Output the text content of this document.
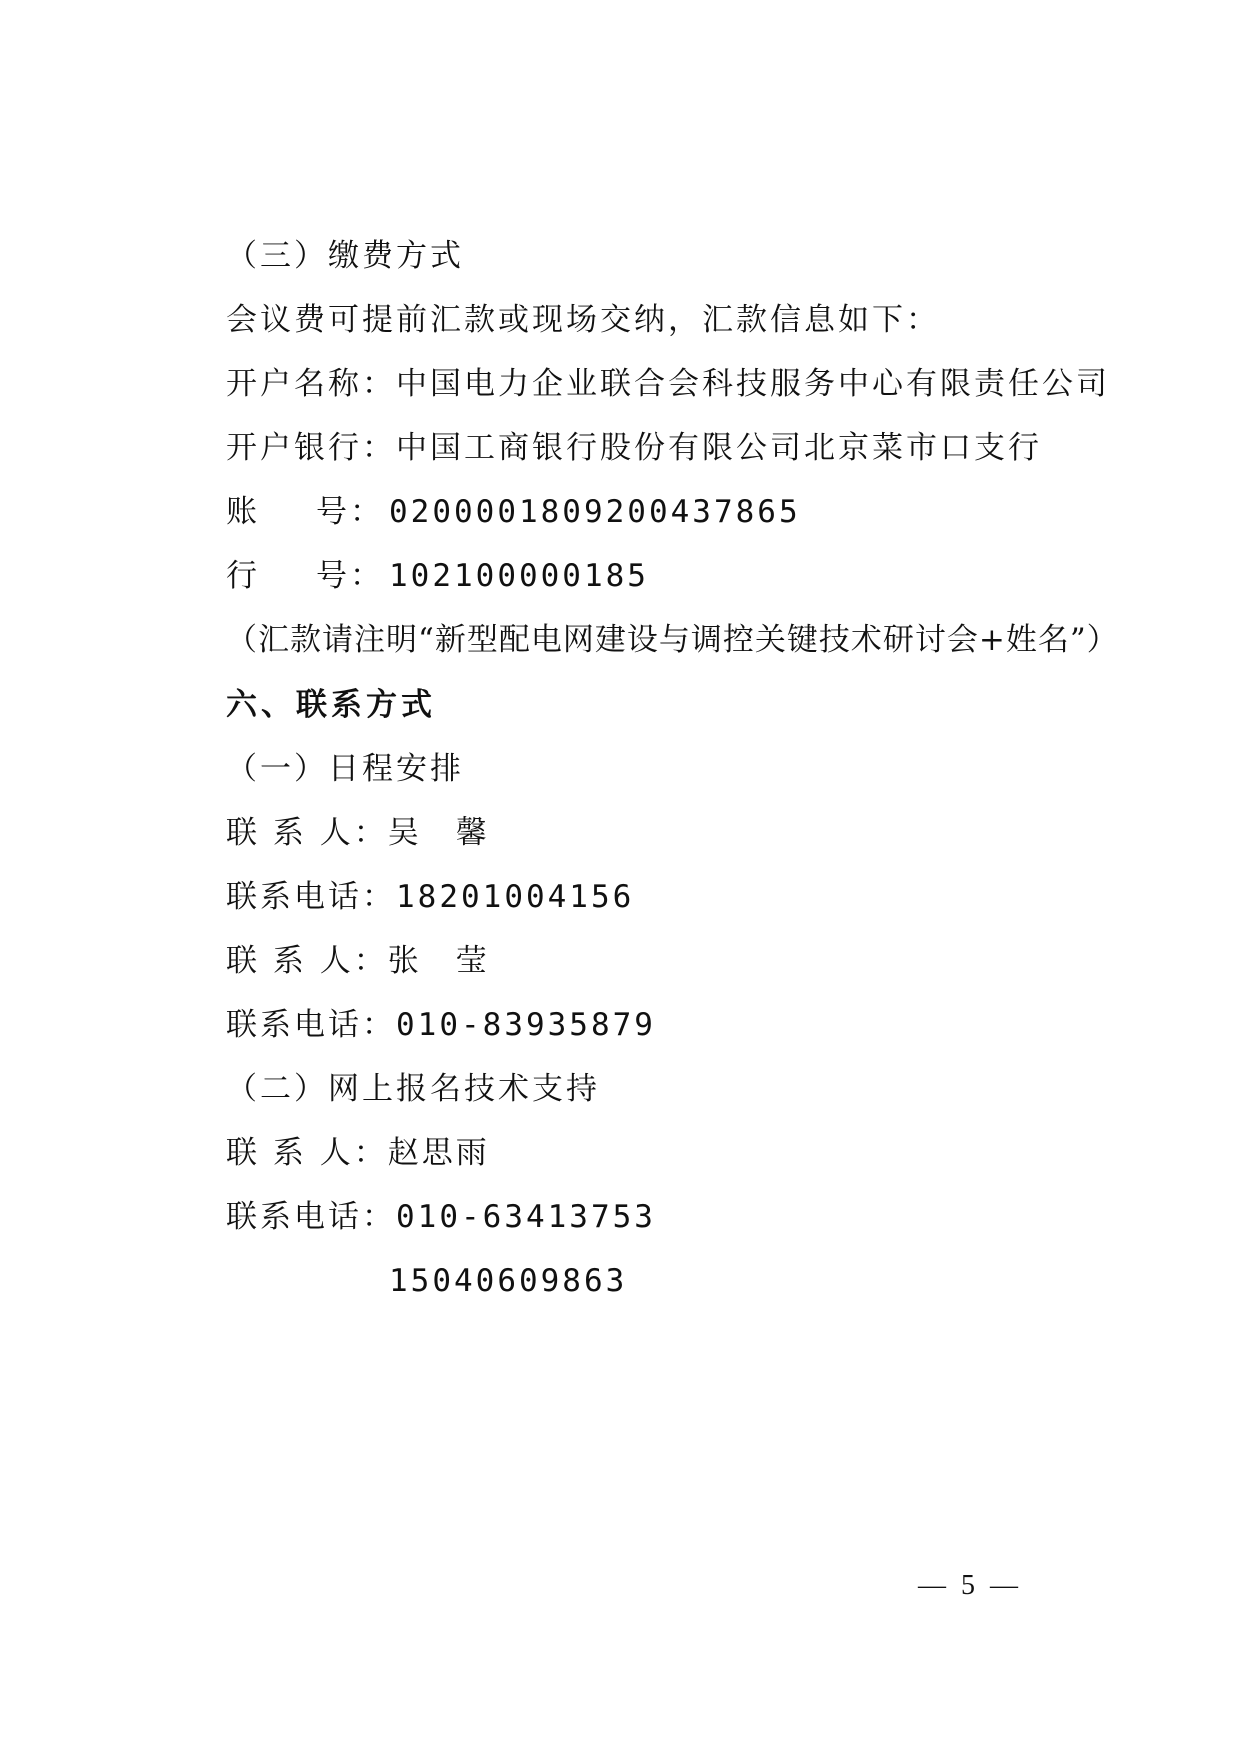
（三）缴费方式
会议费可提前汇款或现场交纳，汇款信息如下：
开户名称：中国电力企业联合会科技服务中心有限责任公司
开户银行：中国工商银行股份有限公司北京菜市口支行
账 号： 0200001809200437865
行 号： 102100000185
（汇款请注明“新型配电网建设与调控关键技术研讨会+姓名”）
六、联系方式
（一）日程安排
联 系 人：吴　馨
联系电话：18201004156
联 系 人：张　莹
联系电话：010-83935879
（二）网上报名技术支持
联 系 人：赵思雨
联系电话：010-63413753
15040609863
— 5 —
